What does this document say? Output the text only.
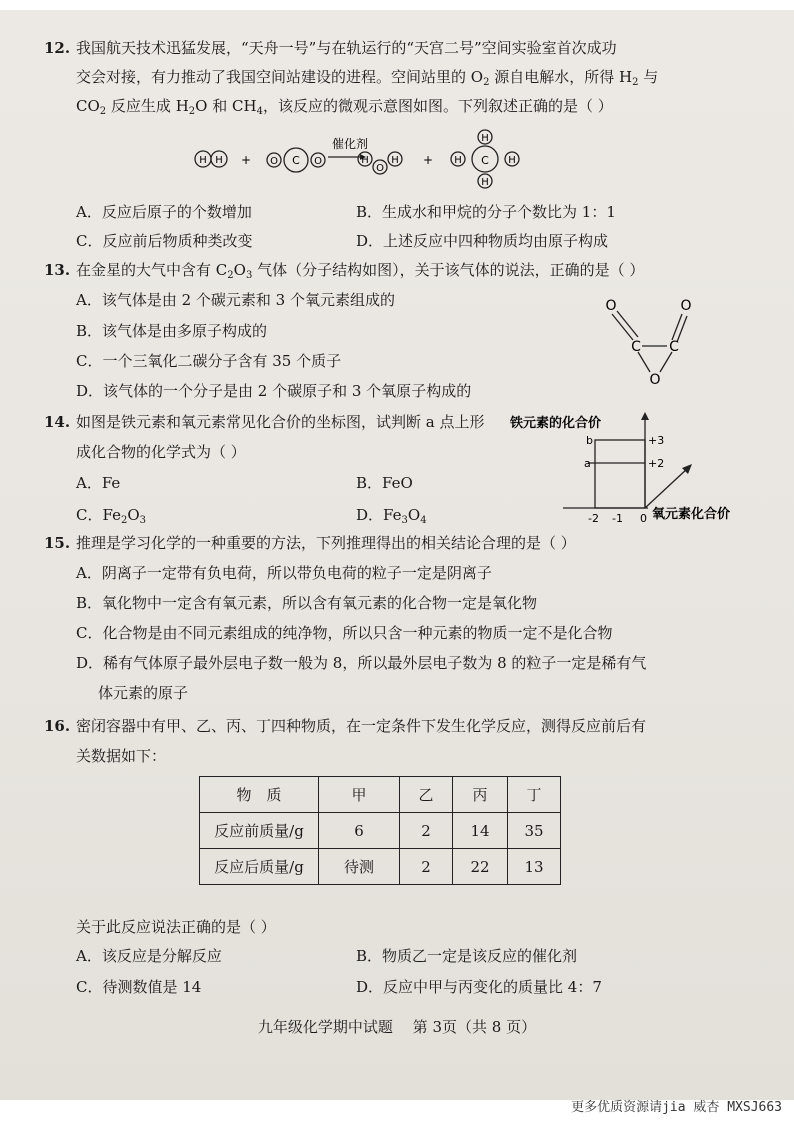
12. 我国航天技术迅猛发展，“天舟一号”与在轨运行的“天宫二号”空间实验室首次成功
交会对接，有力推动了我国空间站建设的进程。空间站里的 $O_2$ 源自电解水，所得 $H_2$ 与
$CO_2$ 反应生成 $H_2O$ 和 $CH_4$，该反应的微观示意图如图。下列叙述正确的是（ ）
H H + O C O
催化剂
H
O
H + H C H
H
H
A．反应后原子的个数增加	B．生成水和甲烷的分子个数比为 1：1
C．反应前后物质种类改变	D．上述反应中四种物质均由原子构成
13. 在金星的大气中含有 $C_2O_3$ 气体（分子结构如图），关于该气体的说法，正确的是（ ）
A．该气体是由 2 个碳元素和 3 个氧元素组成的
B．该气体是由多原子构成的
C．一个三氧化二碳分子含有 35 个质子
D．该气体的一个分子是由 2 个碳原子和 3 个氧原子构成的
O	O
C C
O
14. 如图是铁元素和氧元素常见化合价的坐标图，试判断 a 点上形
成化合物的化学式为（ ）
A．Fe	B．FeO
C．$Fe_2O_3$	D．$Fe_3O_4$
铁元素的化合价
b
a
+3
+2
-2 -1 0 氧元素化合价
15. 推理是学习化学的一种重要的方法，下列推理得出的相关结论合理的是（ ）
A．阴离子一定带有负电荷，所以带负电荷的粒子一定是阴离子
B．氧化物中一定含有氧元素，所以含有氧元素的化合物一定是氧化物
C．化合物是由不同元素组成的纯净物，所以只含一种元素的物质一定不是化合物
D．稀有气体原子最外层电子数一般为 8，所以最外层电子数为 8 的粒子一定是稀有气
体元素的原子
16. 密闭容器中有甲、乙、丙、丁四种物质，在一定条件下发生化学反应，测得反应前后有
关数据如下：
物　质	甲	乙	丙	丁
反应前质量/g	6	2	14	35
反应后质量/g	待测	2	22	13
关于此反应说法正确的是（ ）
A．该反应是分解反应	B．物质乙一定是该反应的催化剂
C．待测数值是 14	D．反应中甲与丙变化的质量比 4：7
九年级化学期中试题　 第 3页（共 8 页）
更多优质资源请jia 威杏 MXSJ663
